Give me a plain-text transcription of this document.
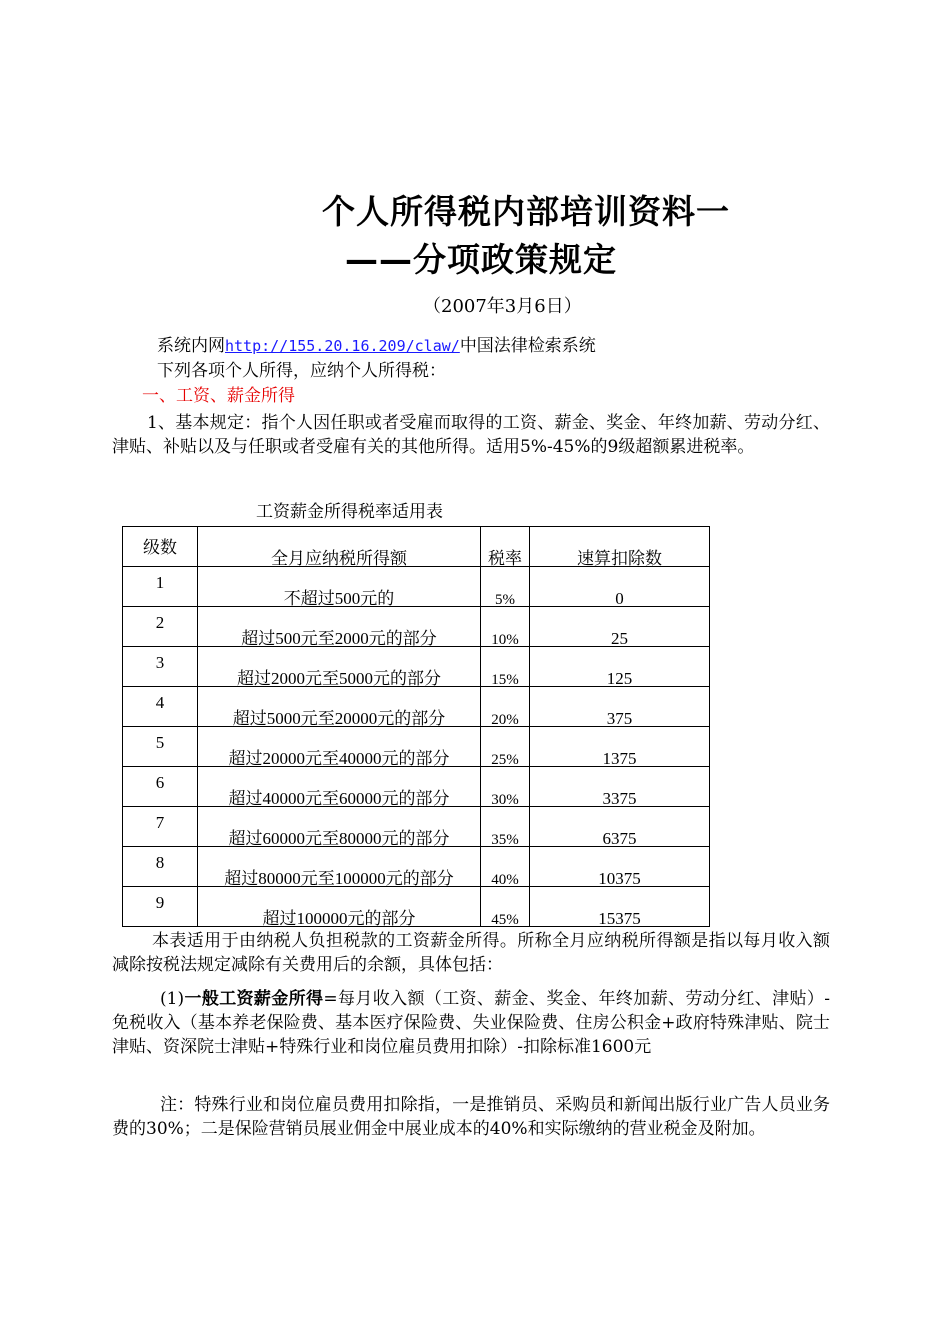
个人所得税内部培训资料一
——分项政策规定
（2007年3月6日）
系统内网http://155.20.16.209/claw/中国法律检索系统
下列各项个人所得，应纳个人所得税：
一、工资、薪金所得
1、基本规定：指个人因任职或者受雇而取得的工资、薪金、奖金、年终加薪、劳动分红、津贴、补贴以及与任职或者受雇有关的其他所得。适用5%-45%的9级超额累进税率。
工资薪金所得税率适用表
级数	全月应纳税所得额	税率	速算扣除数

1	不超过500元的	5%	0

2	超过500元至2000元的部分	10%	25

3	超过2000元至5000元的部分	15%	125

4	超过5000元至20000元的部分	20%	375

5	超过20000元至40000元的部分	25%	1375

6	超过40000元至60000元的部分	30%	3375

7	超过60000元至80000元的部分	35%	6375

8	超过80000元至100000元的部分	40%	10375

9	超过100000元的部分	45%	15375
本表适用于由纳税人负担税款的工资薪金所得。所称全月应纳税所得额是指以每月收入额减除按税法规定减除有关费用后的余额，具体包括：
(1)一般工资薪金所得=每月收入额（工资、薪金、奖金、年终加薪、劳动分红、津贴）-免税收入（基本养老保险费、基本医疗保险费、失业保险费、住房公积金+政府特殊津贴、院士津贴、资深院士津贴+特殊行业和岗位雇员费用扣除）-扣除标准1600元
注：特殊行业和岗位雇员费用扣除指，一是推销员、采购员和新闻出版行业广告人员业务费的30%；二是保险营销员展业佣金中展业成本的40%和实际缴纳的营业税金及附加。
